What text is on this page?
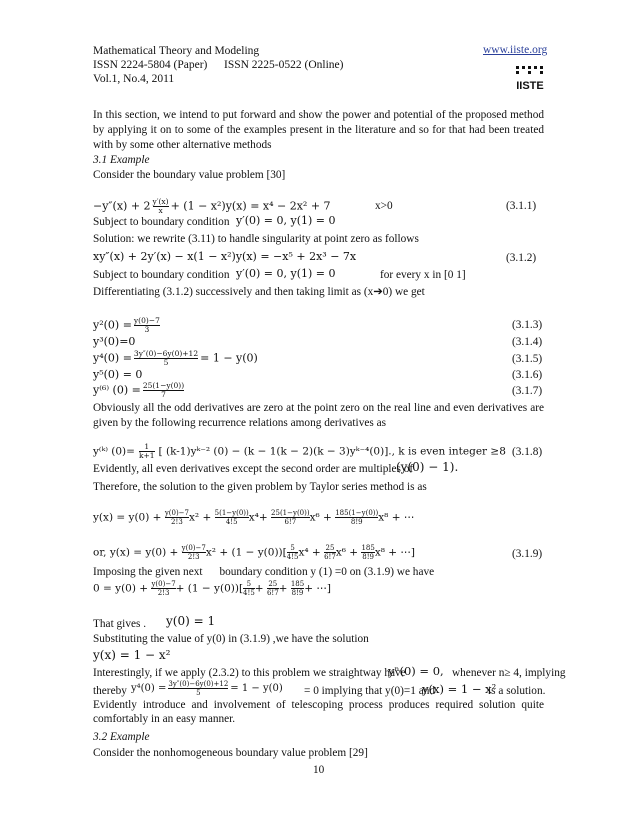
Mathematical Theory and Modeling
ISSN 2224-5804 (Paper) ISSN 2225-0522 (Online)
Vol.1, No.4, 2011
www.iiste.org
IISTE
In this section, we intend to put forward and show the power and potential of the proposed method by applying it on to some of the examples present in the literature and so for that had been treated with by some other alternative methods
3.1 Example
Consider the boundary value problem [30]
$-y''(x) + 2 \frac{y'(x)}{x} + (1 - x^2)y(x) = x^4 - 2x^2 + 7$	x>0	(3.1.1)
Subject to boundary condition y′(0) = 0, y(1) = 0
Solution: we rewrite (3.11) to handle singularity at point zero as follows
xy″(x) + 2y′(x) − x(1 − x²)y(x) = −x⁵ + 2x³ − 7x	(3.1.2)
Subject to boundary condition y′(0) = 0, y(1) = 0	for every x in [0 1]
Differentiating (3.1.2) successively and then taking limit as (x➔0) we get
$y^2(0) = \frac{y(0)-7}{3}$	(3.1.3)
y³(0)=0	(3.1.4)
$y^4(0) = \frac{3y''(0)-6y(0)+12}{5} = 1 - y(0)$	(3.1.5)
y⁵(0) = 0	(3.1.6)
y⁽⁶⁾ $(0) = \frac{25(1-y(0))}{7}$	(3.1.7)
Obviously all the odd derivatives are zero at the point zero on the real line and even derivatives are given by the following recurrence relations among derivatives as
y⁽ᵏ⁾ $(0)= \frac{1}{k+1}$ [ (k-1)yᵏ⁻² (0) − (k − 1(k − 2)(k − 3)yᵏ⁻⁴(0)]., k is even integer ≥8 (3.1.8)
Evidently, all even derivatives except the second order are multiples of
(y(0) − 1).
Therefore, the solution to the given problem by Taylor series method is as
$y(x) = y(0) + \frac{y(0)-7}{2!3} x^2 + \frac{5(1-y(0))}{4!5} x^4+ \frac{25(1-y(0))}{6!7} x^6 + \frac{185(1-y(0))}{8!9} x^8$ + ⋯
or, $y(x) = y(0) + \frac{y(0)-7}{2!3} x^2 + (1 - y(0))[ \frac{5}{4!5} x^4 + \frac{25}{6!7} x^6 + \frac{185}{8!9} x^8$ + ⋯]	(3.1.9)
Imposing the given next      boundary condition y (1) =0 on (3.1.9) we have
$0 = y(0) + \frac{y(0)-7}{2!3} + (1 - y(0))[ \frac{5}{4!5} + \frac{25}{6!7} + \frac{185}{8!9}$ + ⋯]
That gives . y(0) = 1
Substituting the value of y(0) in (3.1.9) ,we have the solution
y(x) = 1 − x²
Interestingly, if we apply (2.3.2) to this problem we straightway have
yⁿ(0) = 0, whenever n≥ 4, implying
thereby $y^4(0) = \frac{3y''(0)-6y(0)+12}{5} = 1 - y(0) = 0$ implying that y(0)=1 and
y(x) = 1 − x²
is a solution.
Evidently introduce and involvement of telescoping process produces required solution quite comfortably in an easy manner.
3.2 Example
Consider the nonhomogeneous boundary value problem [29]
10
